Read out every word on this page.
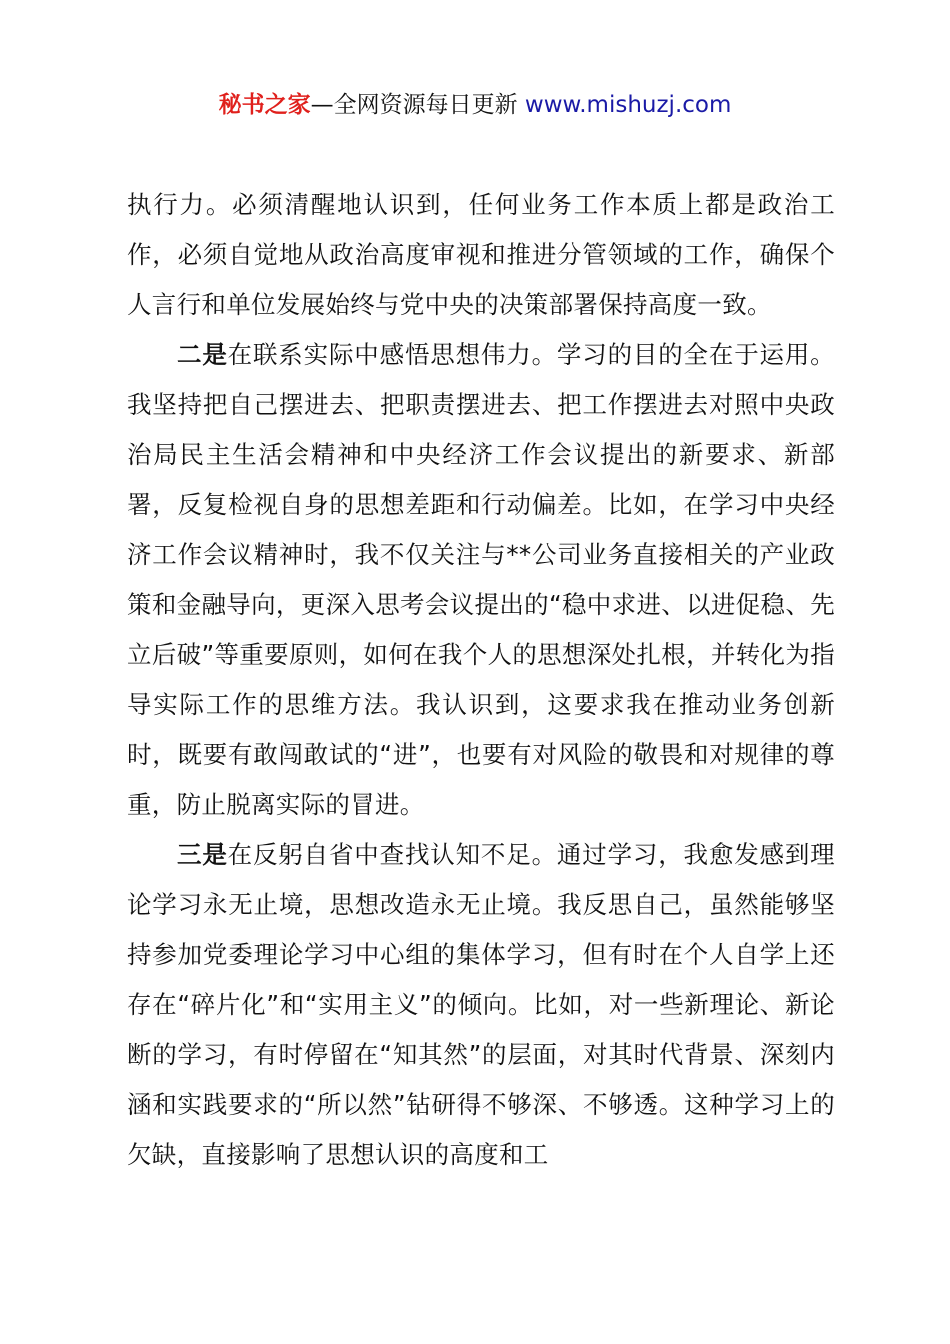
秘书之家—全网资源每日更新 www.mishuzj.com

执行力。必须清醒地认识到，任何业务工作本质上都是政治工作，必须自觉地从政治高度审视和推进分管领域的工作，确保个人言行和单位发展始终与党中央的决策部署保持高度一致。

二是在联系实际中感悟思想伟力。学习的目的全在于运用。我坚持把自己摆进去、把职责摆进去、把工作摆进去对照中央政治局民主生活会精神和中央经济工作会议提出的新要求、新部署，反复检视自身的思想差距和行动偏差。比如，在学习中央经济工作会议精神时，我不仅关注与**公司业务直接相关的产业政策和金融导向，更深入思考会议提出的“稳中求进、以进促稳、先立后破”等重要原则，如何在我个人的思想深处扎根，并转化为指导实际工作的思维方法。我认识到，这要求我在推动业务创新时，既要有敢闯敢试的“进”，也要有对风险的敬畏和对规律的尊重，防止脱离实际的冒进。

三是在反躬自省中查找认知不足。通过学习，我愈发感到理论学习永无止境，思想改造永无止境。我反思自己，虽然能够坚持参加党委理论学习中心组的集体学习，但有时在个人自学上还存在“碎片化”和“实用主义”的倾向。比如，对一些新理论、新论断的学习，有时停留在“知其然”的层面，对其时代背景、深刻内涵和实践要求的“所以然”钻研得不够深、不够透。这种学习上的欠缺，直接影响了思想认识的高度和工
